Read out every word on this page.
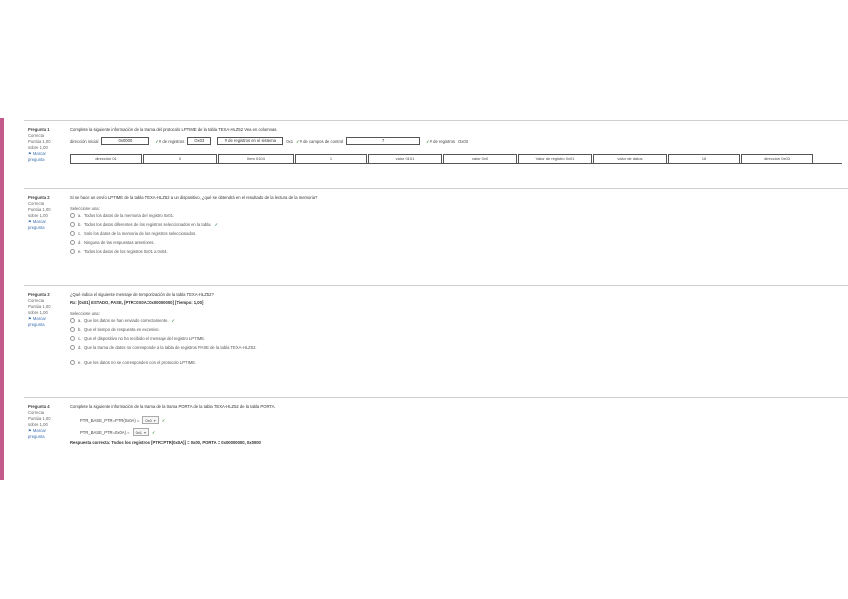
Pregunta 1
Correcta
Puntúa 1,00 sobre 1,00
⚑ Marcar pregunta
Complete la siguiente información de la trama del protocolo LPTIME de la tabla TEXA-HLZ52 Vea en columnas.
dirección inicial	0x0000	✓ # de registros	Ox03	# de registros en el sistema	0x1 ✓ # de campos de control	7	✓ # de registros Ox03
dirección 01	0	Item 0104	1	valor 0101	valor 0x0	Valor de registro 0x01	valor de datos	16	direccion 0x03
Pregunta 2
Correcta
Puntúa 1,00 sobre 1,00
⚑ Marcar pregunta
Si se hace un envío LPTIME de la tabla TEXA-HLZ52 a un dispositivo, ¿qué se obtendrá en el resultado de la lectura de la memoria?
Seleccione una:
a. Todos los datos de la memoria del registro 0x01.
b. Todos los datos diferentes de los registros seleccionados en la tabla. ✓
c. Solo los datos de la memoria de los registros seleccionados.
d. Ninguna de las respuestas anteriores.
e. Todos los datos de los registros 0x01 a 0x04.
Pregunta 3
Correcta
Puntúa 1,00 sobre 1,00
⚑ Marcar pregunta
¿Qué indica el siguiente mensaje de temporización de la tabla TEXA-HLZ52?
Rx: [0x01] ESTADO, PASE, [PTR=0X0A=0x00000000] [Tiempo: 1,00]
Seleccione una:
a. Que los datos se han enviado correctamente. ✓
b. Que el tiempo de respuesta es excesivo.
c. Que el dispositivo no ha recibido el mensaje del registro LPTIME.
d. Que la trama de datos no corresponde a la tabla de registros PASE de la tabla TEXA-HLZ52.
e. Que los datos no se corresponden con el protocolo LPTIME.
Pregunta 4
Correcta
Puntúa 1,00 sobre 1,00
⚑ Marcar pregunta
Complete la siguiente información de la trama de la trama PORTA de la tabla TEXA-HLZ52 de la tabla PORTA.
PTR_BASE_PTR=PTR(0x0A) = 0x0 ▾ ✓
PTR_BASE_PTR=0x0A) = 0x1 ▾ ✓
Respuesta correcta: Todos los registros [PTR=PTR(0x0A)] = 0x00, PORTA = 0x00000000, 0x0000
